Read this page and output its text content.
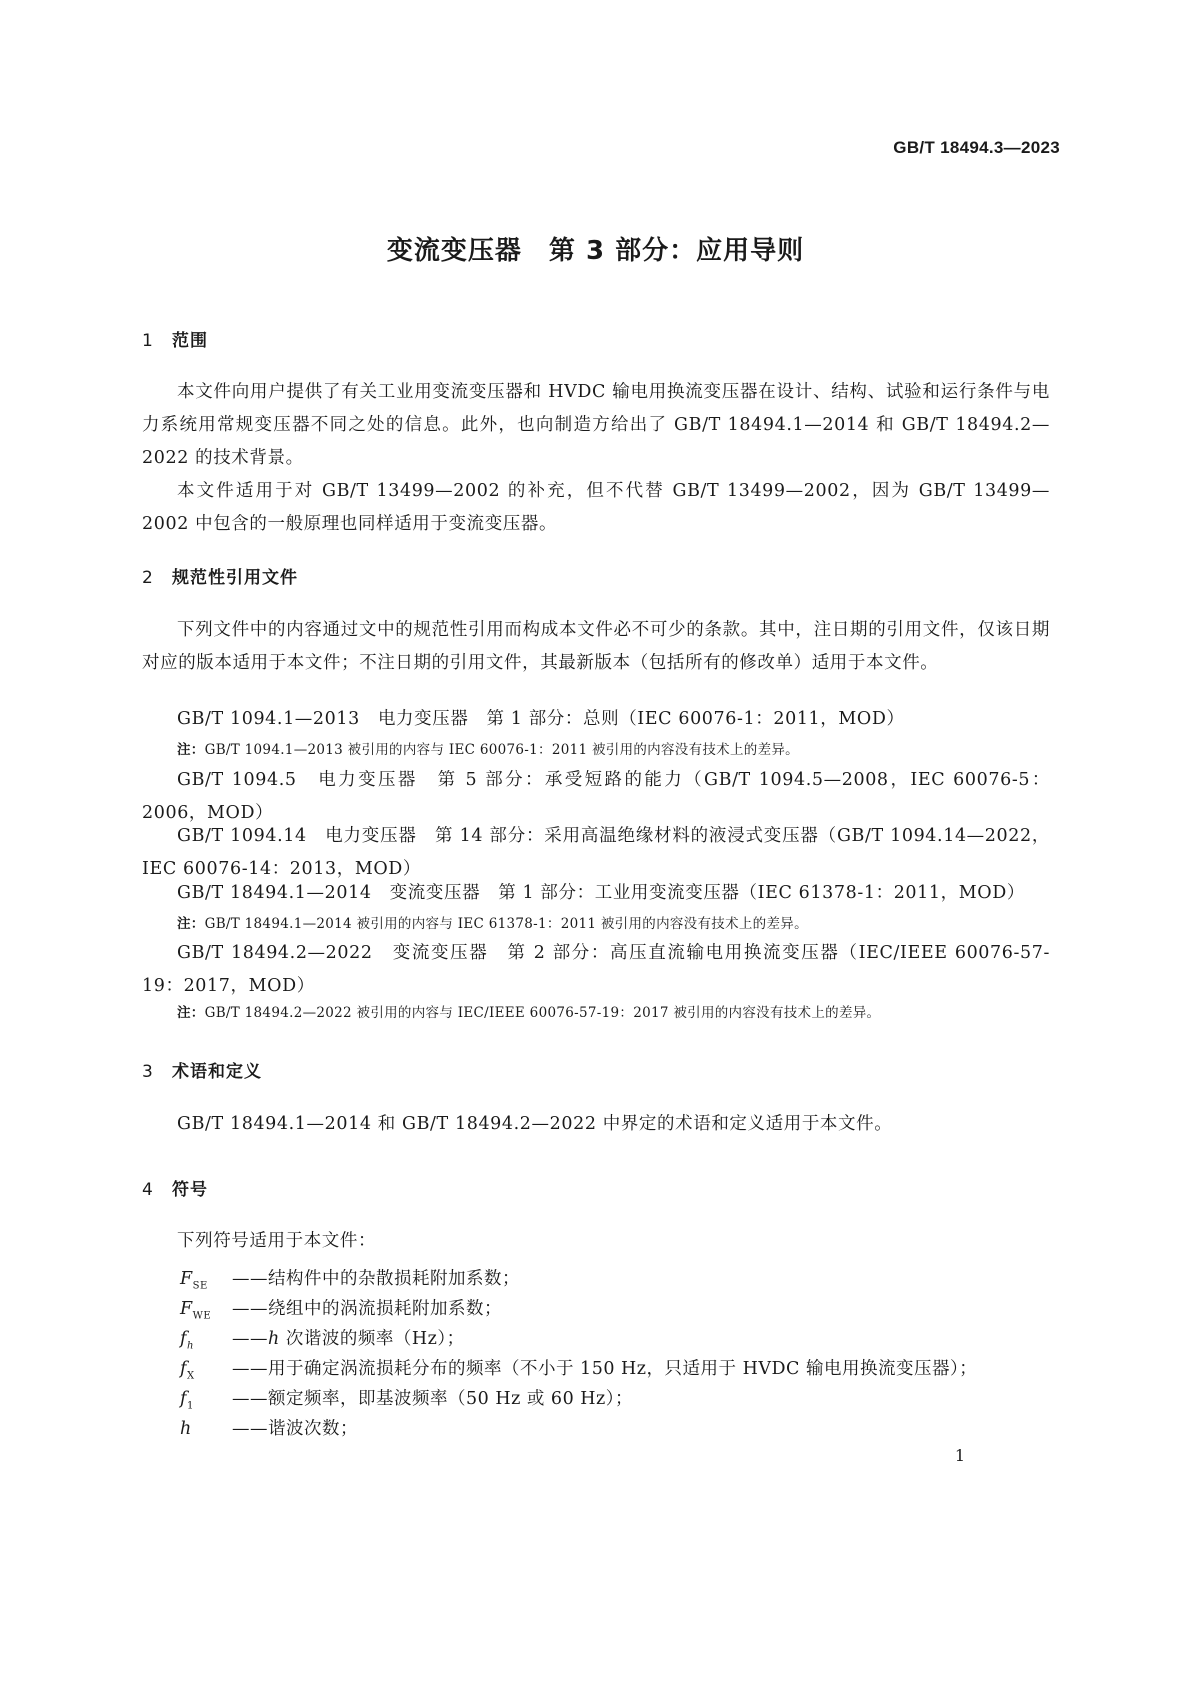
GB/T 18494.3—2023
变流变压器　第 3 部分：应用导则
1 范围
本文件向用户提供了有关工业用变流变压器和 HVDC 输电用换流变压器在设计、结构、试验和运行条件与电力系统用常规变压器不同之处的信息。此外，也向制造方给出了 GB/T 18494.1—2014 和 GB/T 18494.2—2022 的技术背景。
本文件适用于对 GB/T 13499—2002 的补充，但不代替 GB/T 13499—2002，因为 GB/T 13499—2002 中包含的一般原理也同样适用于变流变压器。
2 规范性引用文件
下列文件中的内容通过文中的规范性引用而构成本文件必不可少的条款。其中，注日期的引用文件，仅该日期对应的版本适用于本文件；不注日期的引用文件，其最新版本（包括所有的修改单）适用于本文件。
GB/T 1094.1—2013　电力变压器　第 1 部分：总则（IEC 60076-1：2011，MOD）
注：GB/T 1094.1—2013 被引用的内容与 IEC 60076-1：2011 被引用的内容没有技术上的差异。
GB/T 1094.5　电力变压器　第 5 部分：承受短路的能力（GB/T 1094.5—2008，IEC 60076-5：2006，MOD）
GB/T 1094.14　电力变压器　第 14 部分：采用高温绝缘材料的液浸式变压器（GB/T 1094.14—2022，IEC 60076-14：2013，MOD）
GB/T 18494.1—2014　变流变压器　第 1 部分：工业用变流变压器（IEC 61378-1：2011，MOD）
注：GB/T 18494.1—2014 被引用的内容与 IEC 61378-1：2011 被引用的内容没有技术上的差异。
GB/T 18494.2—2022　变流变压器　第 2 部分：高压直流输电用换流变压器（IEC/IEEE 60076-57-19：2017，MOD）
注：GB/T 18494.2—2022 被引用的内容与 IEC/IEEE 60076-57-19：2017 被引用的内容没有技术上的差异。
3 术语和定义
GB/T 18494.1—2014 和 GB/T 18494.2—2022 中界定的术语和定义适用于本文件。
4 符号
下列符号适用于本文件：
$F_{SE}$ ——结构件中的杂散损耗附加系数；
$F_{WE}$ ——绕组中的涡流损耗附加系数；
$f_h$ ——h 次谐波的频率（Hz）；
$f_X$ ——用于确定涡流损耗分布的频率（不小于 150 Hz，只适用于 HVDC 输电用换流变压器）；
$f_1$ ——额定频率，即基波频率（50 Hz 或 60 Hz）；
h ——谐波次数；
1
